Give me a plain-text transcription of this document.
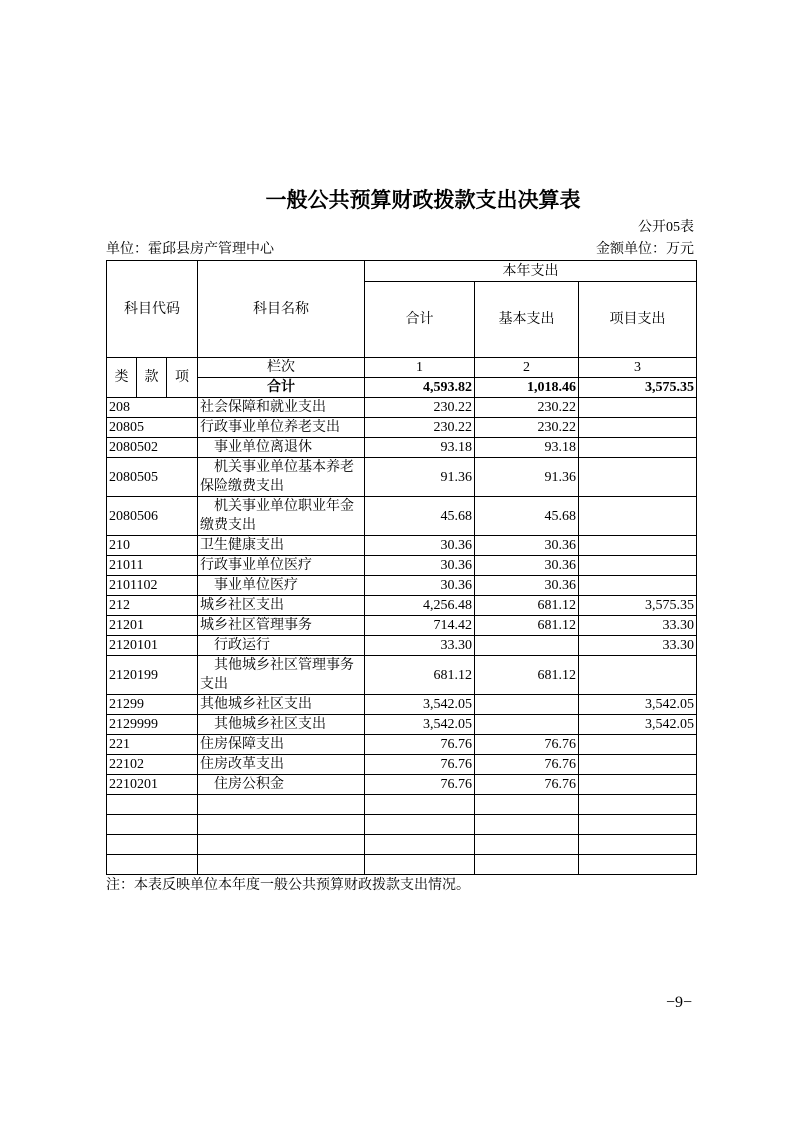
一般公共预算财政拨款支出决算表
公开05表
单位：霍邱县房产管理中心	金额单位：万元
科目代码			科目名称	本年支出		
				合计	基本支出	项目支出
类	款	项	栏次	1	2	3
			合计	4,593.82	1,018.46	3,575.35
208			社会保障和就业支出	230.22	230.22	
20805			行政事业单位养老支出	230.22	230.22	
2080502			事业单位离退休	93.18	93.18	
2080505			机关事业单位基本养老保险缴费支出	91.36	91.36	
2080506			机关事业单位职业年金缴费支出	45.68	45.68	
210			卫生健康支出	30.36	30.36	
21011			行政事业单位医疗	30.36	30.36	
2101102			事业单位医疗	30.36	30.36	
212			城乡社区支出	4,256.48	681.12	3,575.35
21201			城乡社区管理事务	714.42	681.12	33.30
2120101			行政运行	33.30		33.30
2120199			其他城乡社区管理事务支出	681.12	681.12	
21299			其他城乡社区支出	3,542.05		3,542.05
2129999			其他城乡社区支出	3,542.05		3,542.05
221			住房保障支出	76.76	76.76	
22102			住房改革支出	76.76	76.76	
2210201			住房公积金	76.76	76.76	

注：本表反映单位本年度一般公共预算财政拨款支出情况。
−9−
